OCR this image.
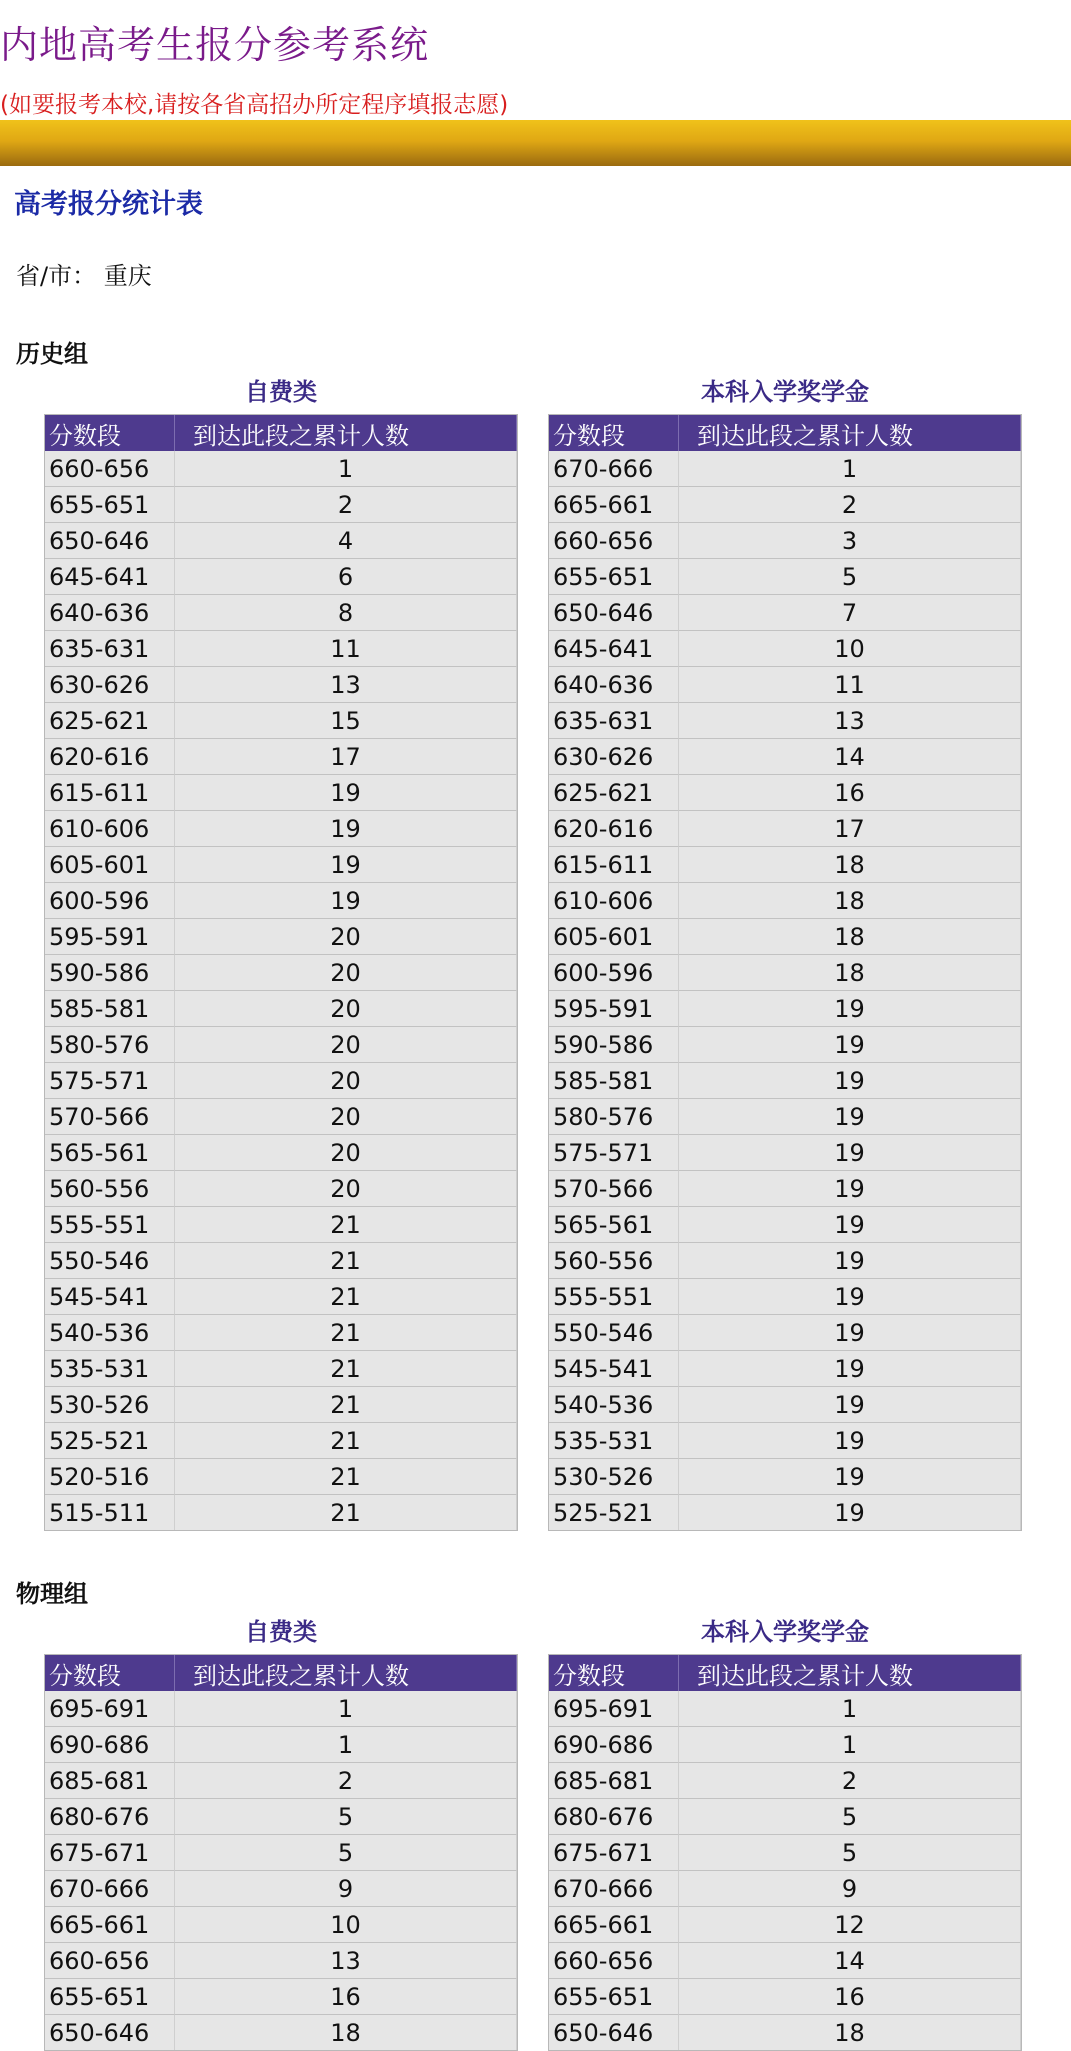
内地高考生报分参考系统
(如要报考本校,请按各省高招办所定程序填报志愿)
高考报分统计表
省/市： 重庆
历史组
自费类	本科入学奖学金
分数段	到达此段之累计人数
660-656	1
655-651	2
650-646	4
645-641	6
640-636	8
635-631	11
630-626	13
625-621	15
620-616	17
615-611	19
610-606	19
605-601	19
600-596	19
595-591	20
590-586	20
585-581	20
580-576	20
575-571	20
570-566	20
565-561	20
560-556	20
555-551	21
550-546	21
545-541	21
540-536	21
535-531	21
530-526	21
525-521	21
520-516	21
515-511	21
分数段	到达此段之累计人数
670-666	1
665-661	2
660-656	3
655-651	5
650-646	7
645-641	10
640-636	11
635-631	13
630-626	14
625-621	16
620-616	17
615-611	18
610-606	18
605-601	18
600-596	18
595-591	19
590-586	19
585-581	19
580-576	19
575-571	19
570-566	19
565-561	19
560-556	19
555-551	19
550-546	19
545-541	19
540-536	19
535-531	19
530-526	19
525-521	19
物理组
自费类	本科入学奖学金
分数段	到达此段之累计人数
695-691	1
690-686	1
685-681	2
680-676	5
675-671	5
670-666	9
665-661	10
660-656	13
655-651	16
650-646	18
分数段	到达此段之累计人数
695-691	1
690-686	1
685-681	2
680-676	5
675-671	5
670-666	9
665-661	12
660-656	14
655-651	16
650-646	18
